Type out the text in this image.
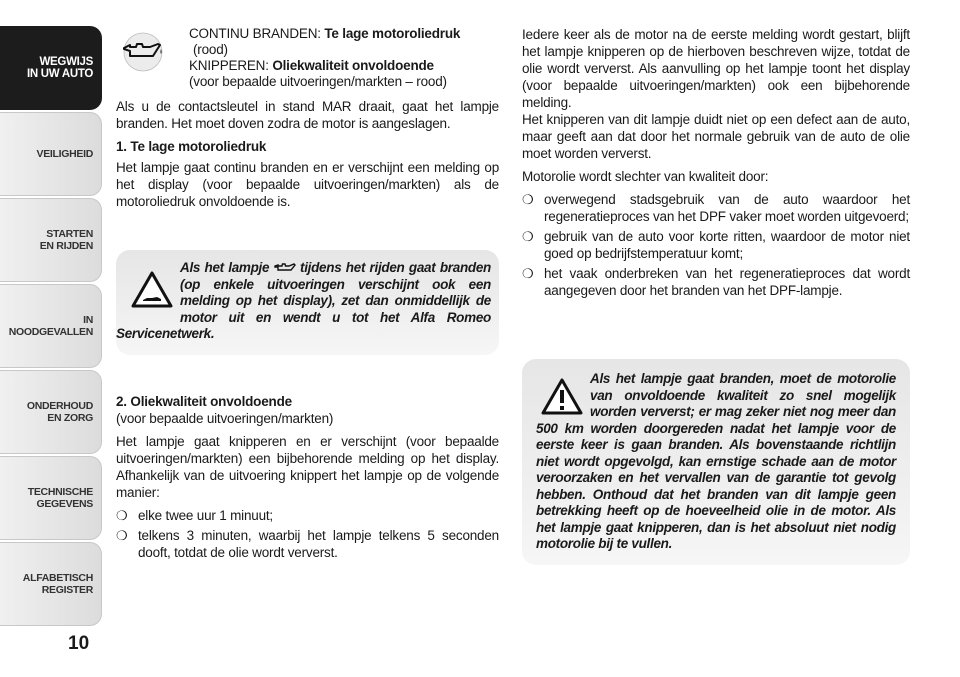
WEGWIJS
IN UW AUTO
VEILIGHEID
STARTEN
EN RIJDEN
IN NOODGEVALLEN
ONDERHOUD
EN ZORG
TECHNISCHE
GEGEVENS
ALFABETISCH
REGISTER
10
CONTINU BRANDEN: Te lage motoroliedruk
(rood)
KNIPPEREN: Oliekwaliteit onvoldoende
(voor bepaalde uitvoeringen/markten – rood)

Als u de contactsleutel in stand MAR draait, gaat het lampje branden. Het moet doven zodra de motor is aangeslagen.

1. Te lage motoroliedruk

Het lampje gaat continu branden en er verschijnt een melding op het display (voor bepaalde uitvoeringen/markten) als de motoroliedruk onvoldoende is.

Als het lampje  tijdens het rijden gaat branden (op enkele uitvoeringen verschijnt ook een melding op het display), zet dan onmiddellijk de motor uit en wendt u tot het Alfa Romeo Servicenetwerk.
2. Oliekwaliteit onvoldoende
(voor bepaalde uitvoeringen/markten)

Het lampje gaat knipperen en er verschijnt (voor bepaalde uitvoeringen/markten) een bijbehorende melding op het display. Afhankelijk van de uitvoering knippert het lampje op de volgende manier:

❍ elke twee uur 1 minuut;
❍ telkens 3 minuten, waarbij het lampje telkens 5 seconden dooft, totdat de olie wordt ververst.

Iedere keer als de motor na de eerste melding wordt gestart, blijft het lampje knipperen op de hierboven beschreven wijze, totdat de olie wordt ververst. Als aanvulling op het lampje toont het display (voor bepaalde uitvoeringen/markten) ook een bijbehorende melding.

Het knipperen van dit lampje duidt niet op een defect aan de auto, maar geeft aan dat door het normale gebruik van de auto de olie moet worden ververst.

Motorolie wordt slechter van kwaliteit door:

❍ overwegend stadsgebruik van de auto waardoor het regeneratieproces van het DPF vaker moet worden uitgevoerd;
❍ gebruik van de auto voor korte ritten, waardoor de motor niet goed op bedrijfstemperatuur komt;
❍ het vaak onderbreken van het regeneratieproces dat wordt aangegeven door het branden van het DPF-lampje.
Als het lampje gaat branden, moet de motorolie van onvoldoende kwaliteit zo snel mogelijk worden ververst; er mag zeker niet nog meer dan 500 km worden doorgereden nadat het lampje voor de eerste keer is gaan branden. Als bovenstaande richtlijn niet wordt opgevolgd, kan ernstige schade aan de motor veroorzaken en het vervallen van de garantie tot gevolg hebben. Onthoud dat het branden van dit lampje geen betrekking heeft op de hoeveelheid olie in de motor. Als het lampje gaat knipperen, dan is het absoluut niet nodig motorolie bij te vullen.
